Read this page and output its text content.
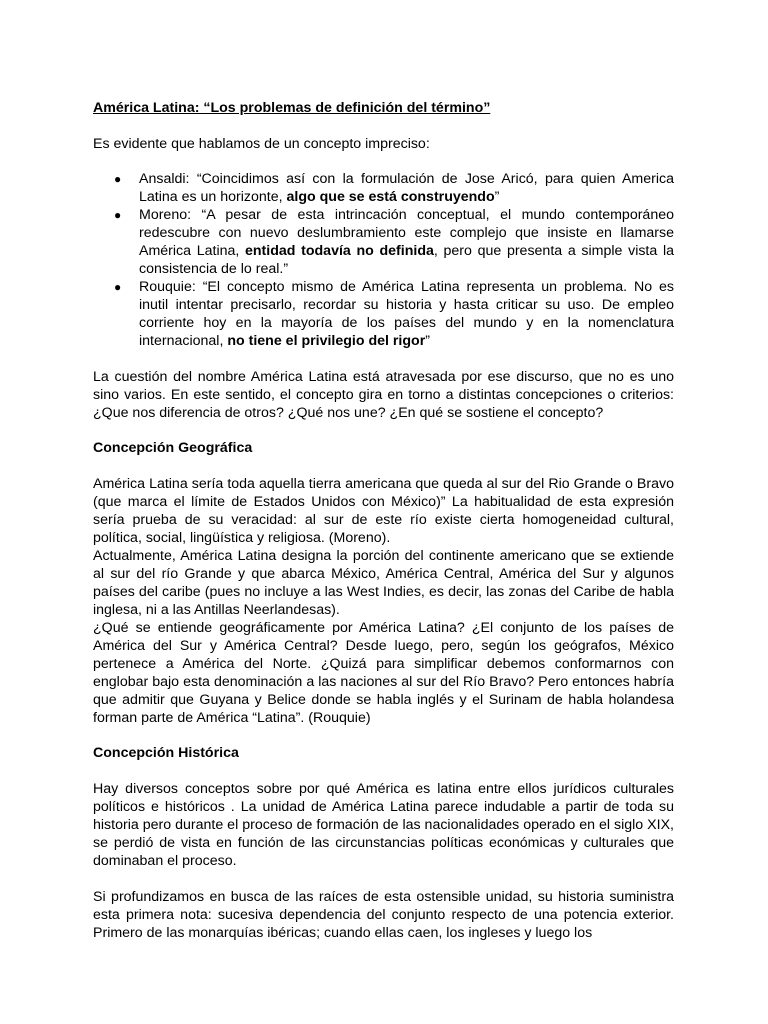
América Latina: “Los problemas de definición del término”

Es evidente que hablamos de un concepto impreciso:

●	Ansaldi: “Coincidimos así con la formulación de Jose Aricó, para quien America Latina es un horizonte, algo que se está construyendo”
●	Moreno: “A pesar de esta intrincación conceptual, el mundo contemporáneo redescubre con nuevo deslumbramiento este complejo que insiste en llamarse América Latina, entidad todavía no definida, pero que presenta a simple vista la consistencia de lo real.”
●	Rouquie: “El concepto mismo de América Latina representa un problema. No es inutil intentar precisarlo, recordar su historia y hasta criticar su uso. De empleo corriente hoy en la mayoría de los países del mundo y en la nomenclatura internacional, no tiene el privilegio del rigor”

La cuestión del nombre América Latina está atravesada por ese discurso, que no es uno sino varios. En este sentido, el concepto gira en torno a distintas concepciones o criterios: ¿Que nos diferencia de otros? ¿Qué nos une? ¿En qué se sostiene el concepto?

Concepción Geográfica

América Latina sería toda aquella tierra americana que queda al sur del Rio Grande o Bravo (que marca el límite de Estados Unidos con México)” La habitualidad de esta expresión sería prueba de su veracidad: al sur de este río existe cierta homogeneidad cultural, política, social, lingüística y religiosa. (Moreno).

Actualmente, América Latina designa la porción del continente americano que se extiende al sur del río Grande y que abarca México, América Central, América del Sur y algunos países del caribe (pues no incluye a las West Indies, es decir, las zonas del Caribe de habla inglesa, ni a las Antillas Neerlandesas).

¿Qué se entiende geográficamente por América Latina? ¿El conjunto de los países de América del Sur y América Central? Desde luego, pero, según los geógrafos, México pertenece a América del Norte. ¿Quizá para simplificar debemos conformarnos con englobar bajo esta denominación a las naciones al sur del Río Bravo? Pero entonces habría que admitir que Guyana y Belice donde se habla inglés y el Surinam de habla holandesa forman parte de América “Latina”. (Rouquie)

Concepción Histórica

Hay diversos conceptos sobre por qué América es latina entre ellos jurídicos culturales políticos e históricos . La unidad de América Latina parece indudable a partir de toda su historia pero durante el proceso de formación de las nacionalidades operado en el siglo XIX, se perdió de vista en función de las circunstancias políticas económicas y culturales que dominaban el proceso.

Si profundizamos en busca de las raíces de esta ostensible unidad, su historia suministra esta primera nota: sucesiva dependencia del conjunto respecto de una potencia exterior. Primero de las monarquías ibéricas; cuando ellas caen, los ingleses y luego los
